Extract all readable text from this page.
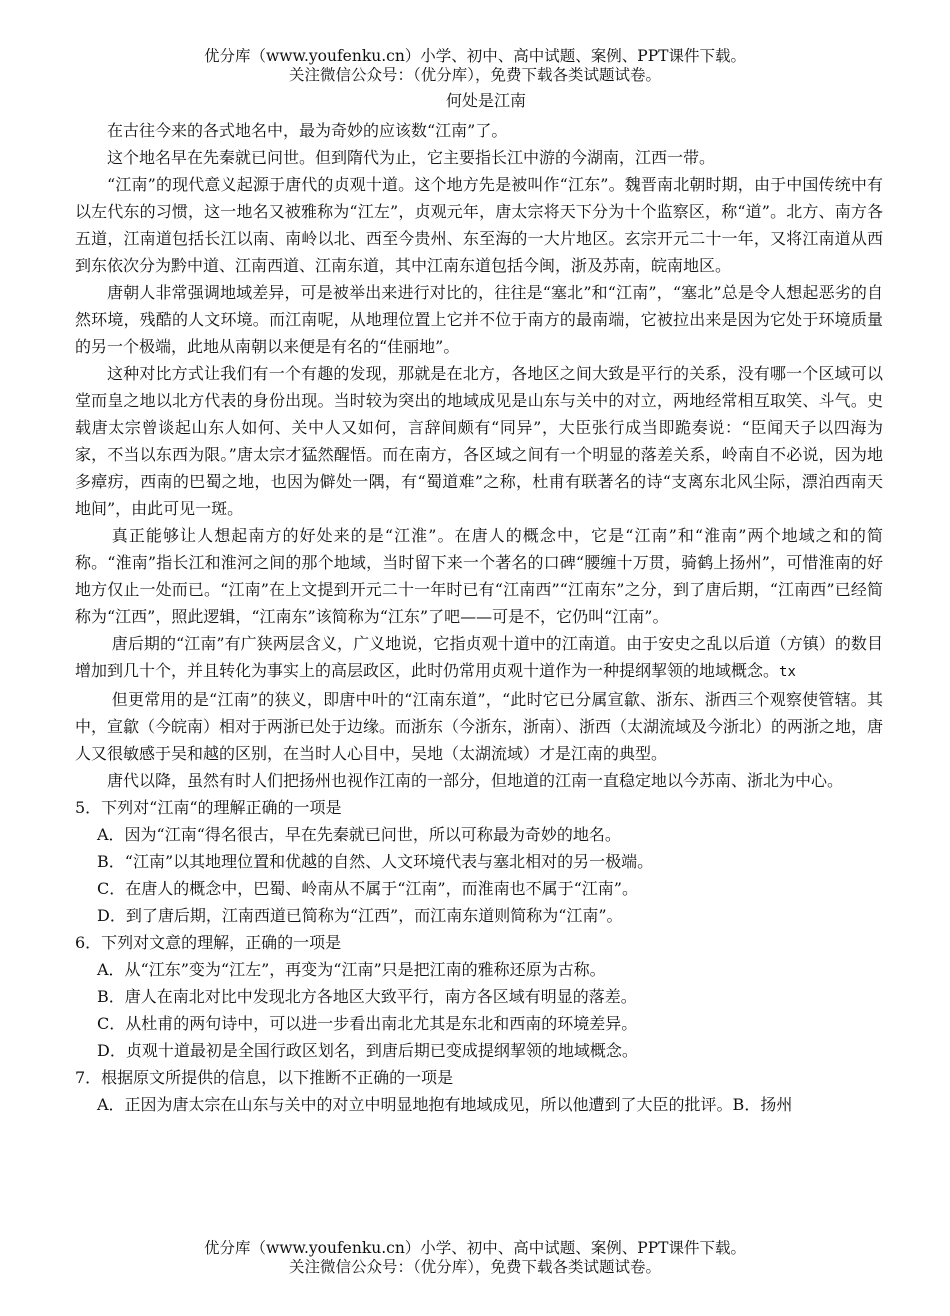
优分库（www.youfenku.cn）小学、初中、高中试题、案例、PPT课件下载。
关注微信公众号：（优分库），免费下载各类试题试卷。
何处是江南

在古往今来的各式地名中，最为奇妙的应该数“江南”了。

这个地名早在先秦就已问世。但到隋代为止，它主要指长江中游的今湖南，江西一带。

“江南”的现代意义起源于唐代的贞观十道。这个地方先是被叫作“江东”。魏晋南北朝时期，由于中国传统中有以左代东的习惯，这一地名又被雅称为“江左”，贞观元年，唐太宗将天下分为十个监察区，称“道”。北方、南方各五道，江南道包括长江以南、南岭以北、西至今贵州、东至海的一大片地区。玄宗开元二十一年，又将江南道从西到东依次分为黔中道、江南西道、江南东道，其中江南东道包括今闽，浙及苏南，皖南地区。

唐朝人非常强调地域差异，可是被举出来进行对比的，往往是“塞北”和“江南”，“塞北”总是令人想起恶劣的自然环境，残酷的人文环境。而江南呢，从地理位置上它并不位于南方的最南端，它被拉出来是因为它处于环境质量的另一个极端，此地从南朝以来便是有名的“佳丽地”。

这种对比方式让我们有一个有趣的发现，那就是在北方，各地区之间大致是平行的关系，没有哪一个区域可以堂而皇之地以北方代表的身份出现。当时较为突出的地域成见是山东与关中的对立，两地经常相互取笑、斗气。史载唐太宗曾谈起山东人如何、关中人又如何，言辞间颇有“同异”，大臣张行成当即跪奏说：“臣闻天子以四海为家，不当以东西为限。”唐太宗才猛然醒悟。而在南方，各区域之间有一个明显的落差关系，岭南自不必说，因为地多瘴疠，西南的巴蜀之地，也因为僻处一隅，有“蜀道难”之称，杜甫有联著名的诗“支离东北风尘际，漂泊西南天地间”，由此可见一斑。

真正能够让人想起南方的好处来的是“江淮”。在唐人的概念中，它是“江南”和“淮南”两个地域之和的简称。“淮南”指长江和淮河之间的那个地域，当时留下来一个著名的口碑“腰缠十万贯，骑鹤上扬州”，可惜淮南的好地方仅止一处而已。“江南”在上文提到开元二十一年时已有“江南西”“江南东”之分，到了唐后期，“江南西”已经简称为“江西”，照此逻辑，“江南东”该简称为“江东”了吧——可是不，它仍叫“江南”。

唐后期的“江南”有广狭两层含义，广义地说，它指贞观十道中的江南道。由于安史之乱以后道（方镇）的数目增加到几十个，并且转化为事实上的高层政区，此时仍常用贞观十道作为一种提纲挈领的地域概念。tx

但更常用的是“江南”的狭义，即唐中叶的“江南东道”，“此时它已分属宣歙、浙东、浙西三个观察使管辖。其中，宣歙（今皖南）相对于两浙已处于边缘。而浙东（今浙东，浙南）、浙西（太湖流域及今浙北）的两浙之地，唐人又很敏感于吴和越的区别，在当时人心目中，吴地（太湖流域）才是江南的典型。

唐代以降，虽然有时人们把扬州也视作江南的一部分，但地道的江南一直稳定地以今苏南、浙北为中心。

5．下列对“江南“的理解正确的一项是

A．因为“江南“得名很古，早在先秦就已问世，所以可称最为奇妙的地名。

B．“江南”以其地理位置和优越的自然、人文环境代表与塞北相对的另一极端。

C．在唐人的概念中，巴蜀、岭南从不属于“江南”，而淮南也不属于“江南”。

D．到了唐后期，江南西道已简称为“江西”，而江南东道则简称为“江南”。

6．下列对文意的理解，正确的一项是

A．从“江东”变为“江左”，再变为“江南”只是把江南的雅称还原为古称。

B．唐人在南北对比中发现北方各地区大致平行，南方各区域有明显的落差。

C．从杜甫的两句诗中，可以进一步看出南北尤其是东北和西南的环境差异。

D．贞观十道最初是全国行政区划名，到唐后期已变成提纲挈领的地域概念。

7．根据原文所提供的信息，以下推断不正确的一项是

A．正因为唐太宗在山东与关中的对立中明显地抱有地域成见，所以他遭到了大臣的批评。B．扬州

优分库（www.youfenku.cn）小学、初中、高中试题、案例、PPT课件下载。
关注微信公众号：（优分库），免费下载各类试题试卷。
